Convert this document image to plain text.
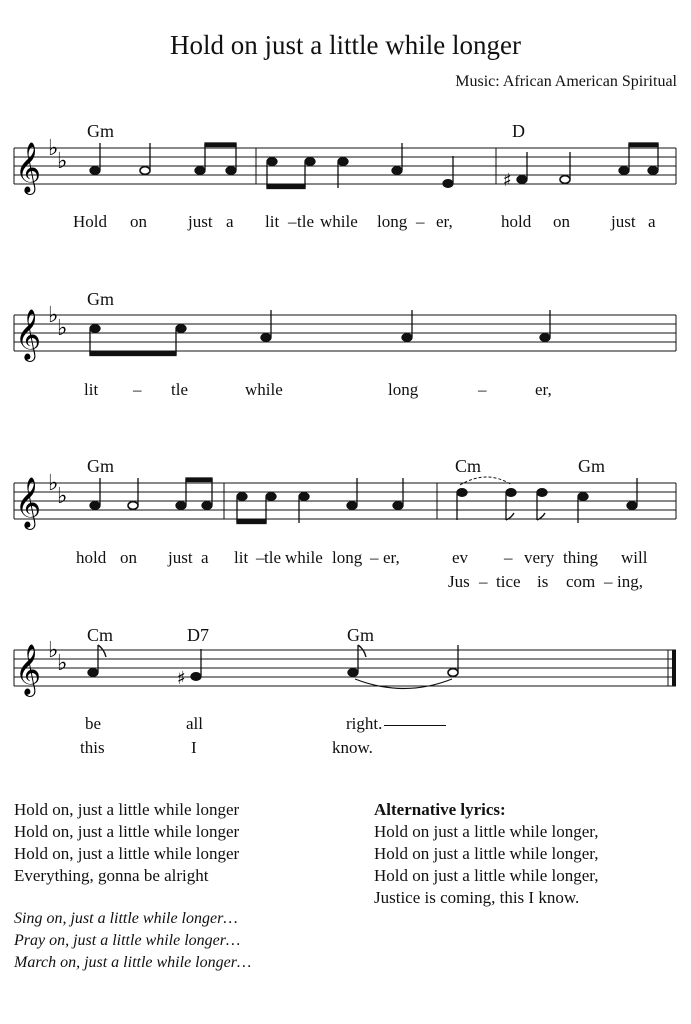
Hold on just a little while longer
Music: African American Spiritual
Gm	D
𝄞 ♭
♭
♯
Hold on just a lit – tle while long – er,	hold on just a
Gm
𝄞 ♭
♭
lit – tle	while	long	–	er,
Gm	Cm	Gm
𝄞 ♭
♭
hold on just a lit – tle while long – er,	ev – very thing will
Jus – tice is com – ing,
Cm	D7	Gm
𝄞 ♭
♭
♯
be	all	right.
this	I	know.
Hold on, just a little while longer
Hold on, just a little while longer
Hold on, just a little while longer
Everything, gonna be alright
Sing on, just a little while longer…
Pray on, just a little while longer…
March on, just a little while longer…
Alternative lyrics:
Hold on just a little while longer,
Hold on just a little while longer,
Hold on just a little while longer,
Justice is coming, this I know.
